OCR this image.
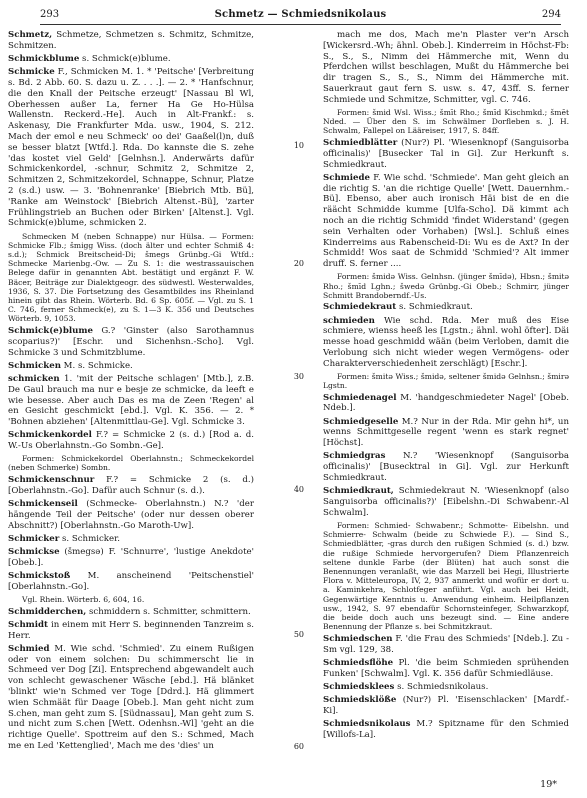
293	Schmetz — Schmiedsnikolaus	294

Schmetz, Schmetze, Schmetzen s. Schmitz, Schmitze, Schmitzen.

Schmickblume s. Schmick(e)blume.

Schmicke F., Schmicken M. 1. * 'Peitsche' [Verbreitung s. Bd. 2 Abb. 60. S. dazu u. Z. . . .]. — 2. * 'Hanfschnur, die den Knall der Peitsche erzeugt' [Nassau Bl Wl, Oberhessen außer La, ferner Ha Ge Ho-Hülsa Wallenstn. Reckerd.-He]. Auch in Alt-Frankf.: s. Askenasy, Die Frankfurter Mda. usw., 1904, S. 212. Mach der emol e neu Schmeck' oo dei' Gaaßel(l)n, duß se besser blatzt [Wtfd.]. Rda. Do kannste die S. zehe 'das kostet viel Geld' [Gelnhsn.]. Anderwärts dafür Schmickenkordel, -schnur, Schmitz 2, Schmitze 2, Schmitzen 2, Schmitzekordel, Schnappe, Schnur, Platze 2 (s.d.) usw. — 3. 'Bohnenranke' [Biebrich Mtb. Bü], 'Ranke am Weinstock' [Biebrich Altenst.-Bü], 'zarter Frühlingstrieb an Buchen oder Birken' [Altenst.]. Vgl. Schmick(e)blume, schmicken 2.

Schmecken M (neben Schnappe) nur Hülsa. — Formen: Schmicke Flb.; šmigg Wiss. (doch älter und echter Schmiß 4: s.d.); Schmick Breitscheid-Di; šmegs Grünbg.-Gi Wtfd.: Schmecke Marienbg.-Ow. — Zu S. 1: die westrassauischen Belege dafür in genannten Abt. bestätigt und ergänzt F. W. Bäcer, Beiträge zur Dialektgeogr. des südwestl. Westerwaldes, 1936, S. 37. Die Fortsetzung des Gesamtbildes ins Rheinland hinein gibt das Rhein. Wörterb. Bd. 6 Sp. 605f. — Vgl. zu S. 1 C. 746, ferner Schmeck(e), zu S. 1—3 K. 356 und Deutsches Wörterb. 9, 1053.

Schmick(e)blume G.? 'Ginster (also Sarothamnus scoparius?)' [Eschr. und Sichenhsn.-Scho]. Vgl. Schmicke 3 und Schmitzblume.

Schmicken M. s. Schmicke.

schmicken 1. 'mit der Peitsche schlagen' [Mtb.], z.B. De Gaul brauch ma nur e besje ze schmicke, da leeft e wie besesse. Aber auch Das es ma de Zeen 'Regen' al en Gesicht geschmickt [ebd.]. Vgl. K. 356. — 2. * 'Bohnen abziehen' [Altenmittlau-Ge]. Vgl. Schmicke 3.

Schmickenkordel F.? = Schmicke 2 (s. d.) [Rod a. d. W.-Us Oberlahnstn.-Go Sombn.-Ge].

Formen: Schmickekordel Oberlahnstn.; Schmeckekordel (neben Schmerke) Sombn.

Schmickenschnur F.? = Schmicke 2 (s. d.) [Oberlahnstn.-Go]. Dafür auch Schnur (s. d.).

Schmickenseil (Schmecke- Oberlahnstn.) N.? 'der hängende Teil der Peitsche' (oder nur dessen oberer Abschnitt?) [Oberlahnstn.-Go Maroth-Uw].

Schmicker s. Schmicker.

Schmickse (šmegsə) F. 'Schnurre', 'lustige Anekdote' [Obeb.].

Schmickstoß M. anscheinend 'Peitschenstiel' [Oberlahnstn.-Go].

Vgl. Rhein. Wörterb. 6, 604, 16.

Schmidderchen, schmiddern s. Schmitter, schmittern.

Schmidt in einem mit Herr S. beginnenden Tanzreim s. Herr.

Schmied M. Wie schd. 'Schmied'. Zu einem Rußigen oder von einem solchen: Du schimmerscht lie in Schmeed ver Dog [Zi]. Entsprechend abgewandelt auch von schlecht gewaschener Wäsche [ebd.]. Hä blänket 'blinkt' wie'n Schmed ver Toge [Ddrd.]. Hä glimmert wien Schmäät für Daage [Obeb.]. Man geht nicht zum S.chen, man geht zum S. [Südnassau], Man geht zum S. und nicht zum S.chen [Wett. Odenhsn.-Wl] 'geht an die richtige Quelle'. Spottreim auf den S.: Schmed, Mach me en Led 'Kettenglied', Mach me des 'dies' un

10
20
30
40
50
60

mach me dos, Mach me'n Plaster ver'n Arsch [Wickersrd.-Wh; ähnl. Obeb.]. Kinderreim in Höchst-Fb: S., S., S., Nimm dei Hämmerche mit, Wenn du Pferdchen willst beschlagen, Mußt du Hämmerche bei dir tragen S., S., S., Nimm dei Hämmerche mit. Sauerkraut gaut fern S. usw. s. 47, 43ff. S. ferner Schmiede und Schmitze, Schmitter, vgl. C. 746.

Formen: šmid Wsl. Wiss.; šmīt Rho.; šmīd Kischmkd.; šmēt Nded. — Über den S. im Schwälmer Dorfleben s. J. H. Schwalm, Fallepel on Lääreiser, 1917, S. 84ff.

Schmiedblätter (Nur?) Pl. 'Wiesenknopf (Sanguisorba officinalis)' [Busecker Tal in Gi]. Zur Herkunft s. Schmiedkraut.

Schmiede F. Wie schd. 'Schmiede'. Man geht gleich an die richtig S. 'an die richtige Quelle' [Wett. Dauernhm.-Bü]. Ebenso, aber auch ironisch Häi bist de en die räächt Schmidde kumme [Ulfa-Scho]. Dä kimmt ach noch an die richtig Schmidd 'findet Widerstand' (gegen sein Verhalten oder Vorhaben) [Wsl.]. Schluß eines Kinderreims aus Rabenscheid-Di: Wu es de Axt? In der Schmidd! Wos saat de Schmidd 'Schmied'? Alt immer druff. S. ferner ....

Formen: šmidə Wiss. Gelnhsn. (jünger šmīdə), Hbsn.; šmitə Rho.; šmīd Lghn.; šwedə Grünbg.-Gi Obeb.; Schmirr, jünger Schmitt Brandoberndf.-Us.

Schmiedekraut s. Schmiedkraut.

schmieden Wie schd. Rda. Mer muß des Eise schmiere, wienss heeß les [Lgstn.; ähnl. wohl öfter]. Däi messe hoad geschmidd wään (beim Verloben, damit die Verlobung sich nicht wieder wegen Vermögens- oder Charakterverschiedenheit zerschlägt) [Eschr.].

Formen: šmitə Wiss.; šmidə, seltener šmidə Gelnhsn.; šmirə Lgstn.

Schmiedenagel M. 'handgeschmiedeter Nagel' [Obeb. Ndeb.].

Schmiedgeselle M.? Nur in der Rda. Mir gehn hi*, un wenns Schmittgeselle regent 'wenn es stark regnet' [Höchst].

Schmiedgras N.? 'Wiesenknopf (Sanguisorba officinalis)' [Busecktral in Gi]. Vgl. zur Herkunft Schmiedkraut.

Schmiedkraut, Schmiedekraut N. 'Wiesenknopf (also Sanguisorba officinalis?)' [Eibelshn.-Di Schwabenr.-Al Schwalm].

Formen: Schmied- Schwabenr.; Schmotte- Eibelshn. und Schmierre- Schwalm (beide zu Schwiede F.). — Sind S., Schmiedblätter, -gras durch den rußigen Schmied (s. d.) bzw. die rußige Schmiede hervorgerufen? Diem Pflanzenreich seltene dunkle Farbe (der Blüten) hat auch sonst die Benennungen veranlaßt, wie das Marzell bei Hegi, Illustrierte Flora v. Mitteleuropa, IV, 2, 937 anmerkt und wofür er dort u. a. Kaminkehra, Schlotfeger anführt. Vgl. auch bei Heidt, Gegenwärtige Kenntnis u. Anwendung einheim. Heilpflanzen usw., 1942, S. 97 ebendafür Schornsteinfeger, Schwarzkopf, die beide doch auch uns bezeugt sind. — Eine andere Benennung der Pflanze s. bei Schmitzkraut.

Schmiedschen F. 'die Frau des Schmieds' [Ndeb.]. Zu -Sm vgl. 129, 38.

Schmiedsflöhe Pl. 'die beim Schmieden sprühenden Funken' [Schwalm]. Vgl. K. 356 dafür Schmiedläuse.

Schmiedsklees s. Schmiedsnikolaus.

Schmiedsklöße (Nur?) Pl. 'Eisenschlacken' [Mardf.-Ki].

Schmiedsnikolaus M.? Spitzname für den Schmied [Willofs-La].

19*
